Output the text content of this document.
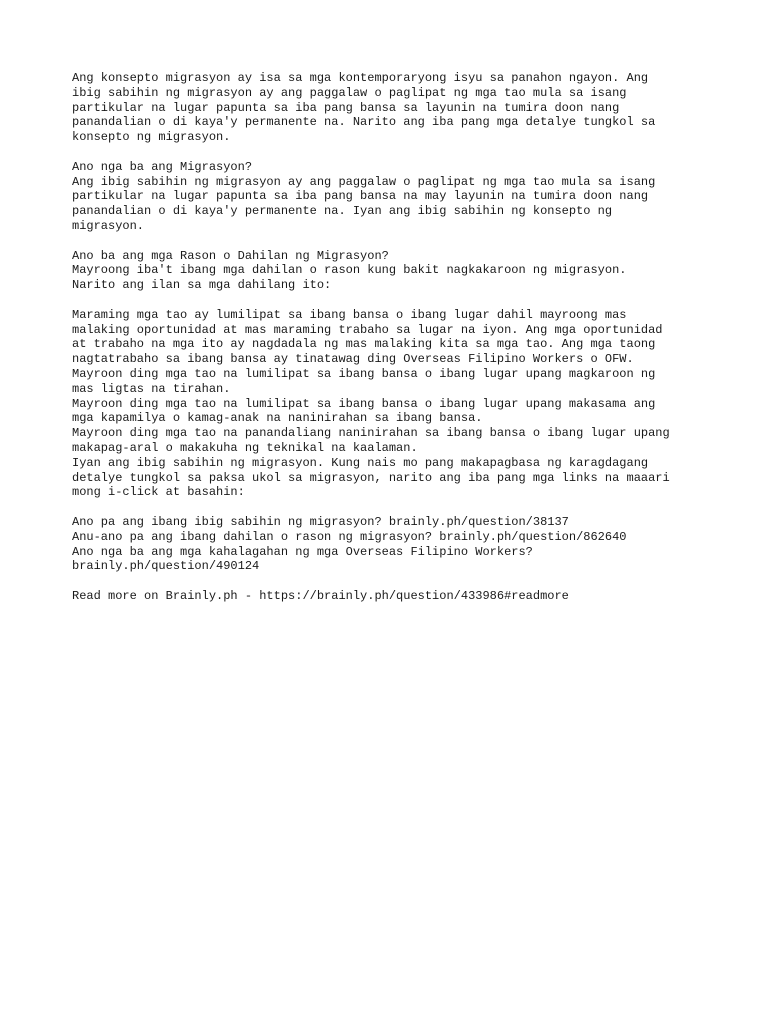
Ang konsepto migrasyon ay isa sa mga kontemporaryong isyu sa panahon ngayon. Ang
ibig sabihin ng migrasyon ay ang paggalaw o paglipat ng mga tao mula sa isang
partikular na lugar papunta sa iba pang bansa sa layunin na tumira doon nang
panandalian o di kaya'y permanente na. Narito ang iba pang mga detalye tungkol sa
konsepto ng migrasyon.
Ano nga ba ang Migrasyon?
Ang ibig sabihin ng migrasyon ay ang paggalaw o paglipat ng mga tao mula sa isang
partikular na lugar papunta sa iba pang bansa na may layunin na tumira doon nang
panandalian o di kaya'y permanente na. Iyan ang ibig sabihin ng konsepto ng
migrasyon.
Ano ba ang mga Rason o Dahilan ng Migrasyon?
Mayroong iba't ibang mga dahilan o rason kung bakit nagkakaroon ng migrasyon.
Narito ang ilan sa mga dahilang ito:
Maraming mga tao ay lumilipat sa ibang bansa o ibang lugar dahil mayroong mas
malaking oportunidad at mas maraming trabaho sa lugar na iyon. Ang mga oportunidad
at trabaho na mga ito ay nagdadala ng mas malaking kita sa mga tao. Ang mga taong
nagtatrabaho sa ibang bansa ay tinatawag ding Overseas Filipino Workers o OFW.
Mayroon ding mga tao na lumilipat sa ibang bansa o ibang lugar upang magkaroon ng
mas ligtas na tirahan.
Mayroon ding mga tao na lumilipat sa ibang bansa o ibang lugar upang makasama ang
mga kapamilya o kamag-anak na naninirahan sa ibang bansa.
Mayroon ding mga tao na panandaliang naninirahan sa ibang bansa o ibang lugar upang
makapag-aral o makakuha ng teknikal na kaalaman.
Iyan ang ibig sabihin ng migrasyon. Kung nais mo pang makapagbasa ng karagdagang
detalye tungkol sa paksa ukol sa migrasyon, narito ang iba pang mga links na maaari
mong i-click at basahin:
Ano pa ang ibang ibig sabihin ng migrasyon? brainly.ph/question/38137
Anu-ano pa ang ibang dahilan o rason ng migrasyon? brainly.ph/question/862640
Ano nga ba ang mga kahalagahan ng mga Overseas Filipino Workers?
brainly.ph/question/490124
Read more on Brainly.ph - https://brainly.ph/question/433986#readmore
